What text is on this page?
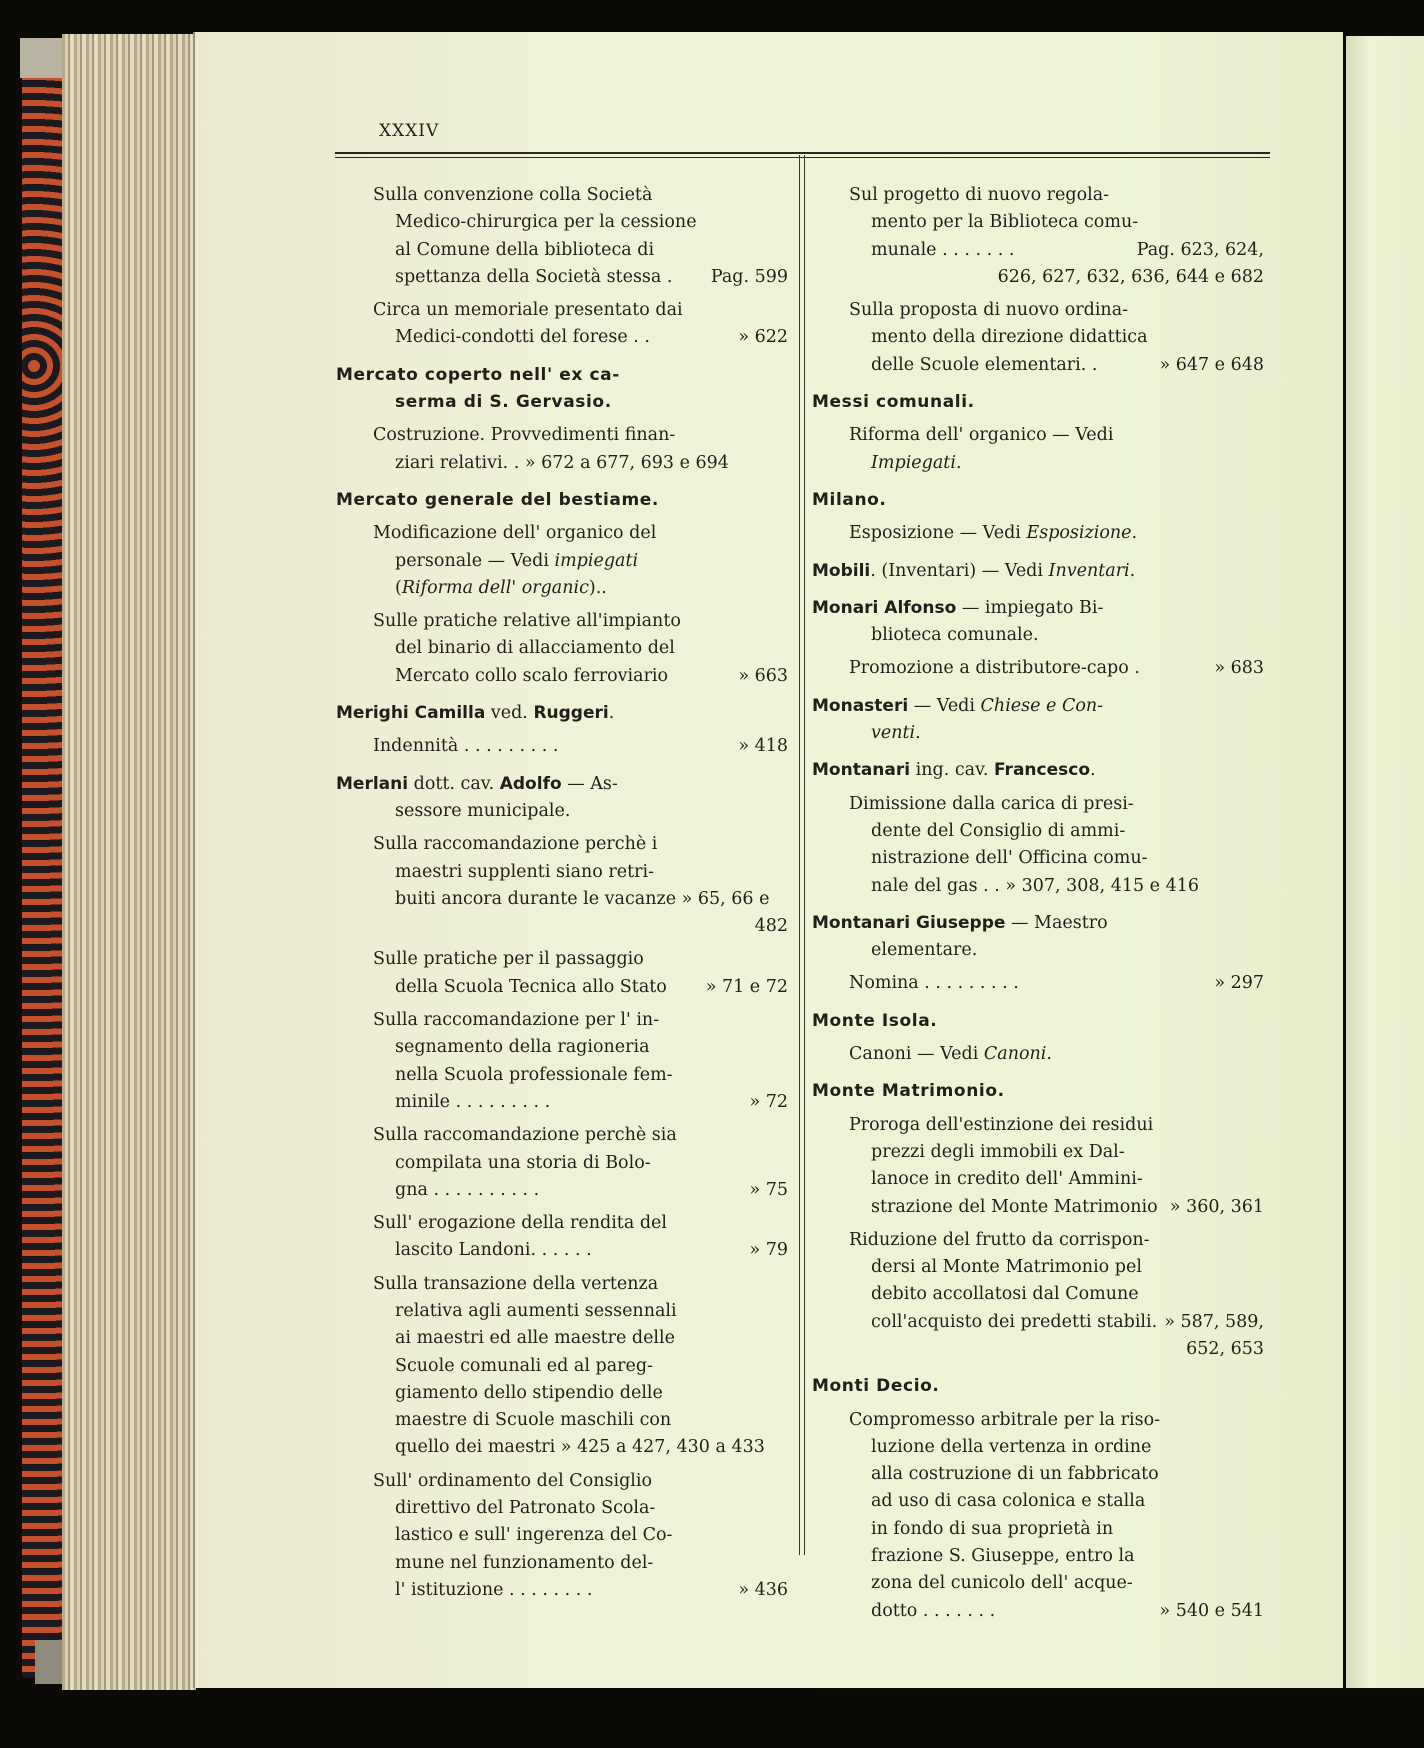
XXXIV
Sulla convenzione colla Società
Medico-chirurgica per la cessione
al Comune della biblioteca di
spettanza della Società stessa . Pag. 599
Circa un memoriale presentato dai
Medici-condotti del forese . .	» 622
Mercato coperto nell' ex ca-
serma di S. Gervasio.
Costruzione. Provvedimenti finan-
ziari relativi. . » 672 a 677, 693 e 694
Mercato generale del bestiame.
Modificazione dell' organico del
personale — Vedi impiegati
(Riforma dell' organic)..
Sulle pratiche relative all'impianto
del binario di allacciamento del
Mercato collo scalo ferroviario	» 663
Merighi Camilla ved. Ruggeri.
Indennità . . . . . . . . .	» 418
Merlani dott. cav. Adolfo — As-
sessore municipale.
Sulla raccomandazione perchè i
maestri supplenti siano retri-
buiti ancora durante le vacanze » 65, 66 e
482
Sulle pratiche per il passaggio
della Scuola Tecnica allo Stato » 71 e 72
Sulla raccomandazione per l' in-
segnamento della ragioneria
nella Scuola professionale fem-
minile . . . . . . . . .	» 72
Sulla raccomandazione perchè sia
compilata una storia di Bolo-
gna . . . . . . . . . .	» 75
Sull' erogazione della rendita del
lascito Landoni. . . . . .	» 79
Sulla transazione della vertenza
relativa agli aumenti sessennali
ai maestri ed alle maestre delle
Scuole comunali ed al pareg-
giamento dello stipendio delle
maestre di Scuole maschili con
quello dei maestri » 425 a 427, 430 a 433
Sull' ordinamento del Consiglio
direttivo del Patronato Scola-
lastico e sull' ingerenza del Co-
mune nel funzionamento del-
l' istituzione . . . . . . . .	» 436
Sul progetto di nuovo regola-
mento per la Biblioteca comu-
munale . . . . . . .	Pag. 623, 624,
626, 627, 632, 636, 644 e 682
Sulla proposta di nuovo ordina-
mento della direzione didattica
delle Scuole elementari. .	» 647 e 648
Messi comunali.
Riforma dell' organico — Vedi
Impiegati.
Milano.
Esposizione — Vedi Esposizione.
Mobili. (Inventari) — Vedi Inventari.
Monari Alfonso — impiegato Bi-
blioteca comunale.
Promozione a distributore-capo .	» 683
Monasteri — Vedi Chiese e Con-
venti.
Montanari ing. cav. Francesco.
Dimissione dalla carica di presi-
dente del Consiglio di ammi-
nistrazione dell' Officina comu-
nale del gas . . » 307, 308, 415 e 416
Montanari Giuseppe — Maestro
elementare.
Nomina . . . . . . . . .	» 297
Monte Isola.
Canoni — Vedi Canoni.
Monte Matrimonio.
Proroga dell'estinzione dei residui
prezzi degli immobili ex Dal-
lanoce in credito dell' Ammini-
strazione del Monte Matrimonio » 360, 361
Riduzione del frutto da corrispon-
dersi al Monte Matrimonio pel
debito accollatosi dal Comune
coll'acquisto dei predetti stabili. » 587, 589,
652, 653
Monti Decio.
Compromesso arbitrale per la riso-
luzione della vertenza in ordine
alla costruzione di un fabbricato
ad uso di casa colonica e stalla
in fondo di sua proprietà in
frazione S. Giuseppe, entro la
zona del cunicolo dell' acque-
dotto . . . . . . .	» 540 e 541
